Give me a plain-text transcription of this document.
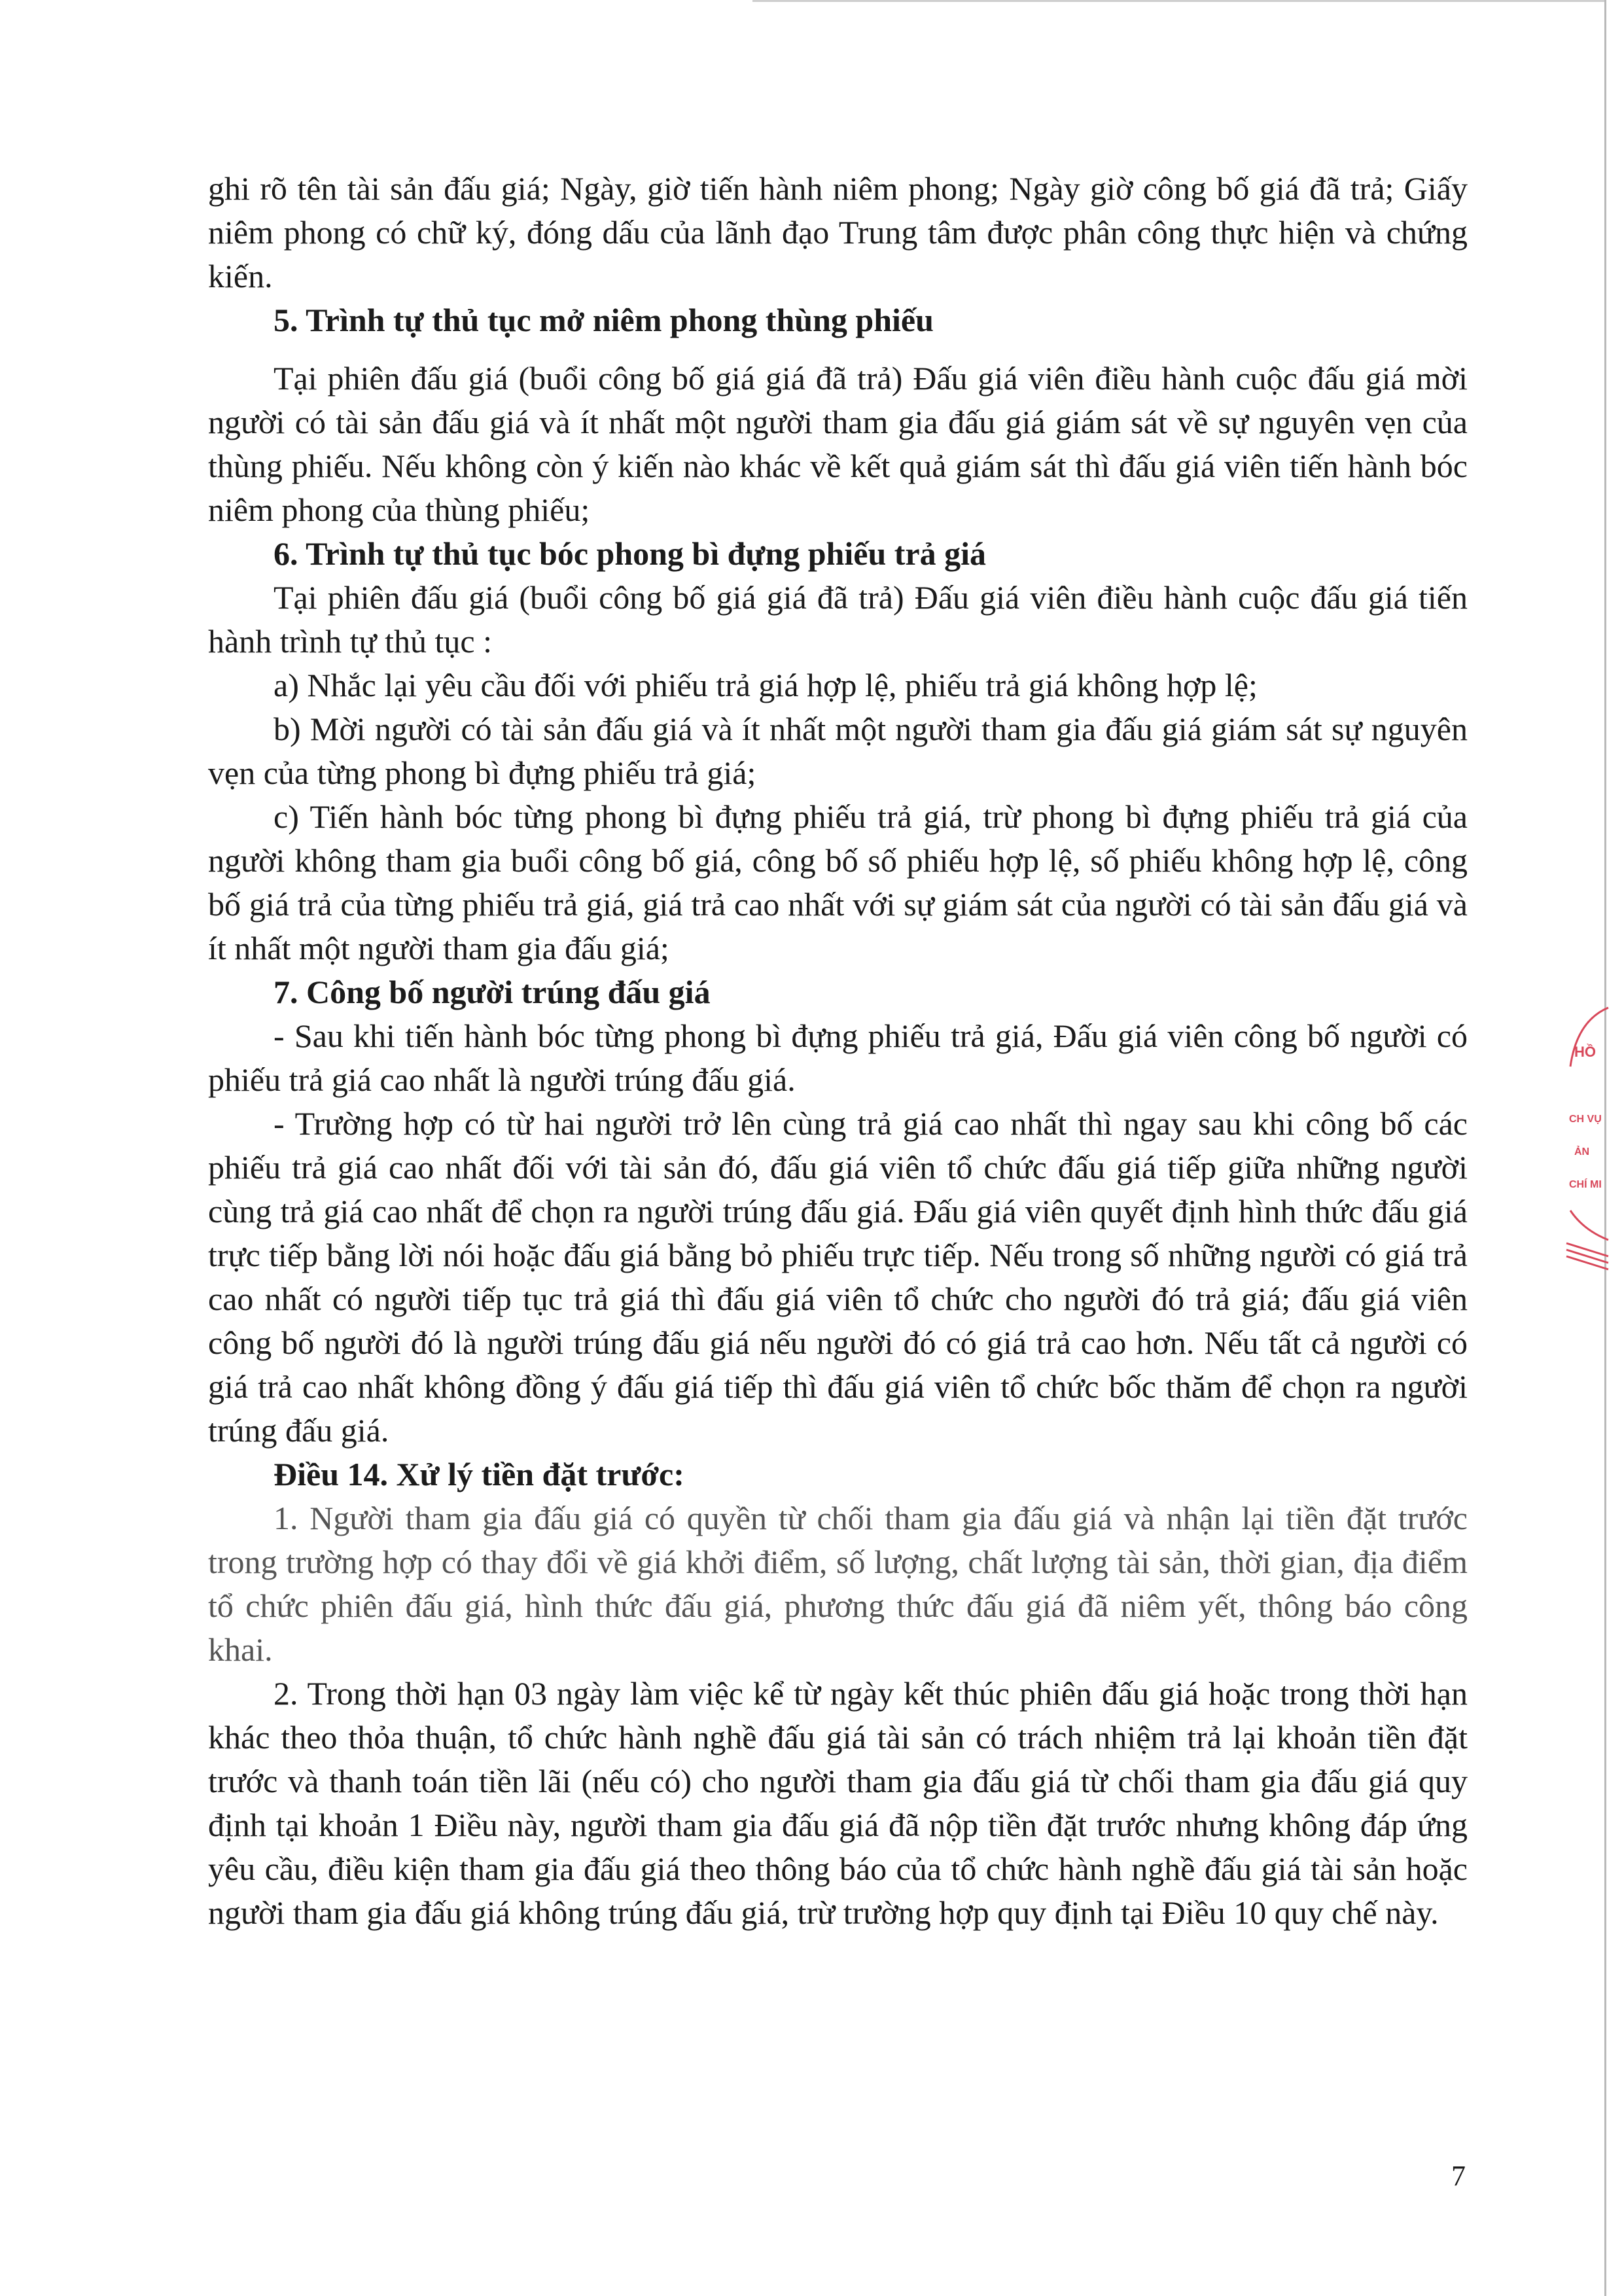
ghi rõ tên tài sản đấu giá; Ngày, giờ tiến hành niêm phong; Ngày giờ công bố giá đã trả; Giấy niêm phong có chữ ký, đóng dấu của lãnh đạo Trung tâm được phân công thực hiện và chứng kiến.

5. Trình tự thủ tục mở niêm phong thùng phiếu

Tại phiên đấu giá (buổi công bố giá giá đã trả) Đấu giá viên điều hành cuộc đấu giá mời người có tài sản đấu giá và ít nhất một người tham gia đấu giá giám sát về sự nguyên vẹn của thùng phiếu. Nếu không còn ý kiến nào khác về kết quả giám sát thì đấu giá viên tiến hành bóc niêm phong của thùng phiếu;

6. Trình tự thủ tục bóc phong bì đựng phiếu trả giá

Tại phiên đấu giá (buổi công bố giá giá đã trả) Đấu giá viên điều hành cuộc đấu giá tiến hành trình tự thủ tục :

a) Nhắc lại yêu cầu đối với phiếu trả giá hợp lệ, phiếu trả giá không hợp lệ;

b) Mời người có tài sản đấu giá và ít nhất một người tham gia đấu giá giám sát sự nguyên vẹn của từng phong bì đựng phiếu trả giá;

c) Tiến hành bóc từng phong bì đựng phiếu trả giá, trừ phong bì đựng phiếu trả giá của người không tham gia buổi công bố giá, công bố số phiếu hợp lệ, số phiếu không hợp lệ, công bố giá trả của từng phiếu trả giá, giá trả cao nhất với sự giám sát của người có tài sản đấu giá và ít nhất một người tham gia đấu giá;

7. Công bố người trúng đấu giá

- Sau khi tiến hành bóc từng phong bì đựng phiếu trả giá, Đấu giá viên công bố người có phiếu trả giá cao nhất là người trúng đấu giá.

- Trường hợp có từ hai người trở lên cùng trả giá cao nhất thì ngay sau khi công bố các phiếu trả giá cao nhất đối với tài sản đó, đấu giá viên tổ chức đấu giá tiếp giữa những người cùng trả giá cao nhất để chọn ra người trúng đấu giá. Đấu giá viên quyết định hình thức đấu giá trực tiếp bằng lời nói hoặc đấu giá bằng bỏ phiếu trực tiếp. Nếu trong số những người có giá trả cao nhất có người tiếp tục trả giá thì đấu giá viên tổ chức cho người đó trả giá; đấu giá viên công bố người đó là người trúng đấu giá nếu người đó có giá trả cao hơn. Nếu tất cả người có giá trả cao nhất không đồng ý đấu giá tiếp thì đấu giá viên tổ chức bốc thăm để chọn ra người trúng đấu giá.

Điều 14. Xử lý tiền đặt trước:

1. Người tham gia đấu giá có quyền từ chối tham gia đấu giá và nhận lại tiền đặt trước trong trường hợp có thay đổi về giá khởi điểm, số lượng, chất lượng tài sản, thời gian, địa điểm tổ chức phiên đấu giá, hình thức đấu giá, phương thức đấu giá đã niêm yết, thông báo công khai.

2. Trong thời hạn 03 ngày làm việc kể từ ngày kết thúc phiên đấu giá hoặc trong thời hạn khác theo thỏa thuận, tổ chức hành nghề đấu giá tài sản có trách nhiệm trả lại khoản tiền đặt trước và thanh toán tiền lãi (nếu có) cho người tham gia đấu giá từ chối tham gia đấu giá quy định tại khoản 1 Điều này, người tham gia đấu giá đã nộp tiền đặt trước nhưng không đáp ứng yêu cầu, điều kiện tham gia đấu giá theo thông báo của tổ chức hành nghề đấu giá tài sản hoặc người tham gia đấu giá không trúng đấu giá, trừ trường hợp quy định tại Điều 10 quy chế này.

7
HỒ
CH VỤ
ẢN
CHÍ MI
